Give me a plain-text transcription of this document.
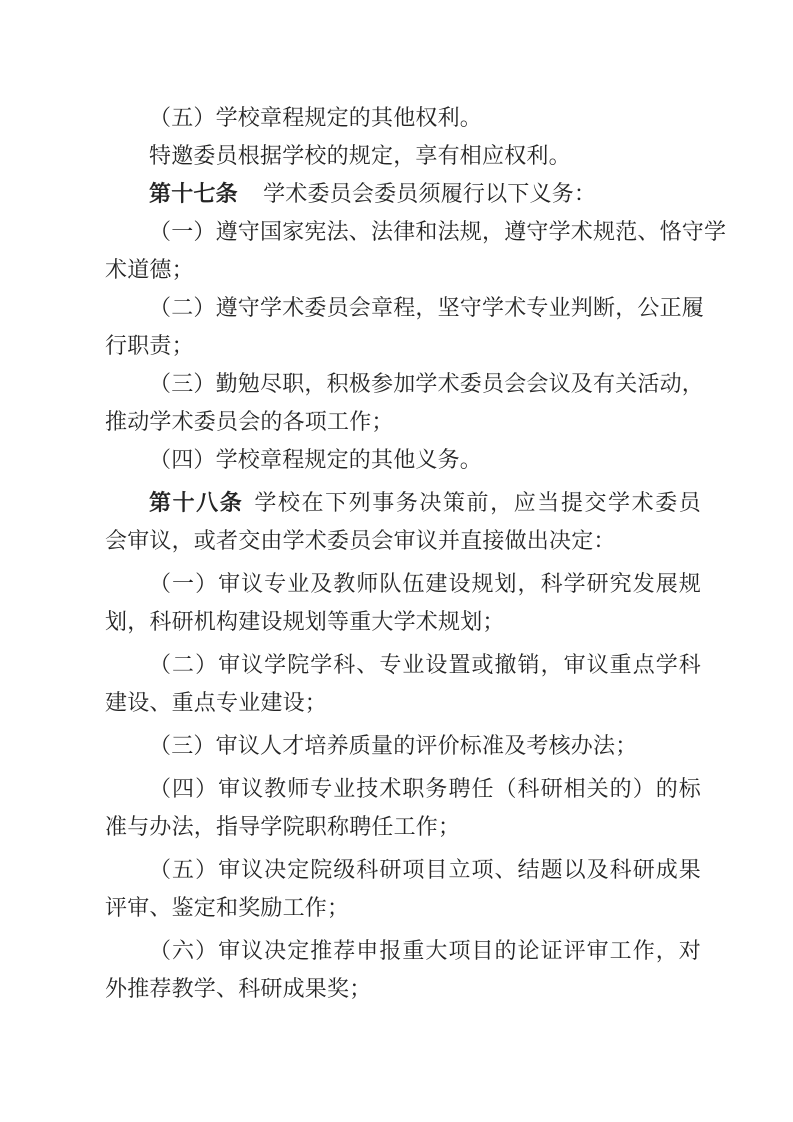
（五）学校章程规定的其他权利。
特邀委员根据学校的规定，享有相应权利。
第十七条 学术委员会委员须履行以下义务：
（一）遵守国家宪法、法律和法规，遵守学术规范、恪守学
术道德；
（二）遵守学术委员会章程，坚守学术专业判断，公正履
行职责；
（三）勤勉尽职，积极参加学术委员会会议及有关活动，
推动学术委员会的各项工作；
（四）学校章程规定的其他义务。
第十八条 学校在下列事务决策前，应当提交学术委员
会审议，或者交由学术委员会审议并直接做出决定：
（一）审议专业及教师队伍建设规划，科学研究发展规
划，科研机构建设规划等重大学术规划；
（二）审议学院学科、专业设置或撤销，审议重点学科
建设、重点专业建设；
（三）审议人才培养质量的评价标准及考核办法；
（四）审议教师专业技术职务聘任（科研相关的）的标
准与办法，指导学院职称聘任工作；
（五）审议决定院级科研项目立项、结题以及科研成果
评审、鉴定和奖励工作；
（六）审议决定推荐申报重大项目的论证评审工作，对
外推荐教学、科研成果奖；
